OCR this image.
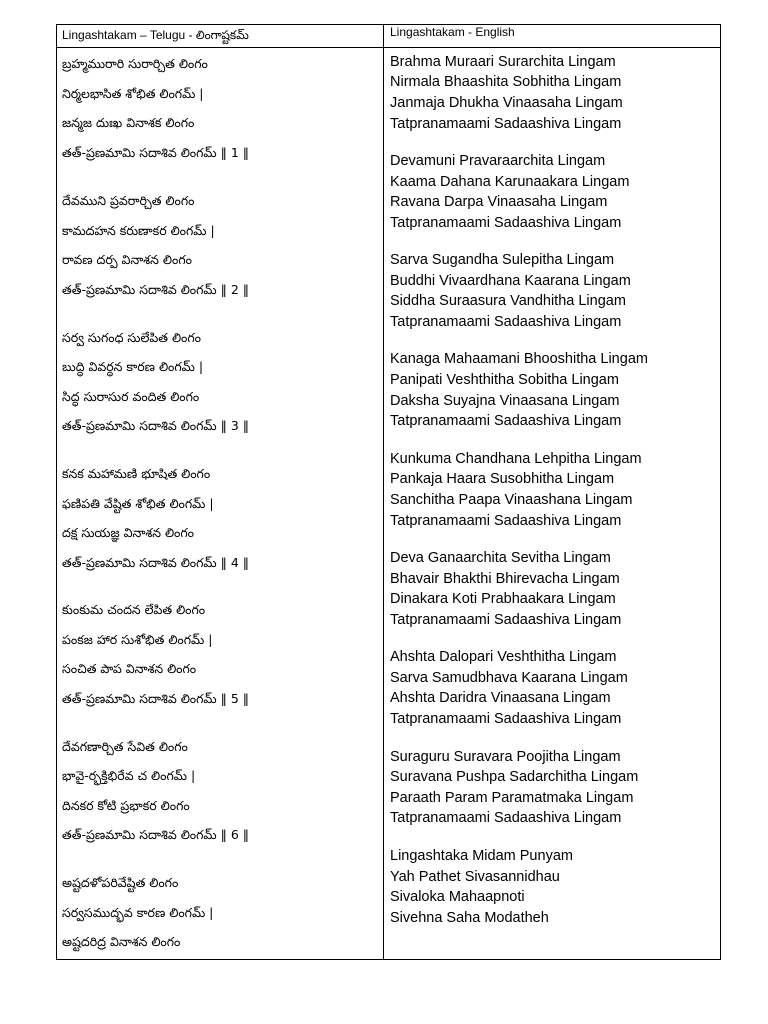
Lingashtakam – Telugu - లింగాష్టకమ్	Lingashtakam - English
బ్రహ్మమురారి సురార్చిత లింగం
నిర్మలభాసిత శోభిత లింగమ్ |
జన్మజ దుఃఖ వినాశక లింగం
తత్-ప్రణమామి సదాశివ లింగమ్ ‖ 1 ‖
దేవముని ప్రవరార్చిత లింగం
కామదహన కరుణాకర లింగమ్ |
రావణ దర్ప వినాశన లింగం
తత్-ప్రణమామి సదాశివ లింగమ్ ‖ 2 ‖
సర్వ సుగంధ సులేపిత లింగం
బుద్ధి వివర్ధన కారణ లింగమ్ |
సిద్ధ సురాసుర వందిత లింగం
తత్-ప్రణమామి సదాశివ లింగమ్ ‖ 3 ‖
కనక మహామణి భూషిత లింగం
ఫణిపతి వేష్టిత శోభిత లింగమ్ |
దక్ష సుయజ్ఞ వినాశన లింగం
తత్-ప్రణమామి సదాశివ లింగమ్ ‖ 4 ‖
కుంకుమ చందన లేపిత లింగం
పంకజ హార సుశోభిత లింగమ్ |
సంచిత పాప వినాశన లింగం
తత్-ప్రణమామి సదాశివ లింగమ్ ‖ 5 ‖
దేవగణార్చిత సేవిత లింగం
భావై-ర్భక్తిభిరేవ చ లింగమ్ |
దినకర కోటి ప్రభాకర లింగం
తత్-ప్రణమామి సదాశివ లింగమ్ ‖ 6 ‖
అష్టదళోపరివేష్టిత లింగం
సర్వసముద్భవ కారణ లింగమ్ |
అష్టదరిద్ర వినాశన లింగం
Brahma Muraari Surarchita Lingam
Nirmala Bhaashita Sobhitha Lingam
Janmaja Dhukha Vinaasaha Lingam
Tatpranamaami Sadaashiva Lingam
Devamuni Pravaraarchita Lingam
Kaama Dahana Karunaakara Lingam
Ravana Darpa Vinaasaha Lingam
Tatpranamaami Sadaashiva Lingam
Sarva Sugandha Sulepitha Lingam
Buddhi Vivaardhana Kaarana Lingam
Siddha Suraasura Vandhitha Lingam
Tatpranamaami Sadaashiva Lingam
Kanaga Mahaamani Bhooshitha Lingam
Panipati Veshthitha Sobitha Lingam
Daksha Suyajna Vinaasana Lingam
Tatpranamaami Sadaashiva Lingam
Kunkuma Chandhana Lehpitha Lingam
Pankaja Haara Susobhitha Lingam
Sanchitha Paapa Vinaashana Lingam
Tatpranamaami Sadaashiva Lingam
Deva Ganaarchita Sevitha Lingam
Bhavair Bhakthi Bhirevacha Lingam
Dinakara Koti Prabhaakara Lingam
Tatpranamaami Sadaashiva Lingam
Ahshta Dalopari Veshthitha Lingam
Sarva Samudbhava Kaarana Lingam
Ahshta Daridra Vinaasana Lingam
Tatpranamaami Sadaashiva Lingam
Suraguru Suravara Poojitha Lingam
Suravana Pushpa Sadarchitha Lingam
Paraath Param Paramatmaka Lingam
Tatpranamaami Sadaashiva Lingam
Lingashtaka Midam Punyam
Yah Pathet Sivasannidhau
Sivaloka Mahaapnoti
Sivehna Saha Modatheh
